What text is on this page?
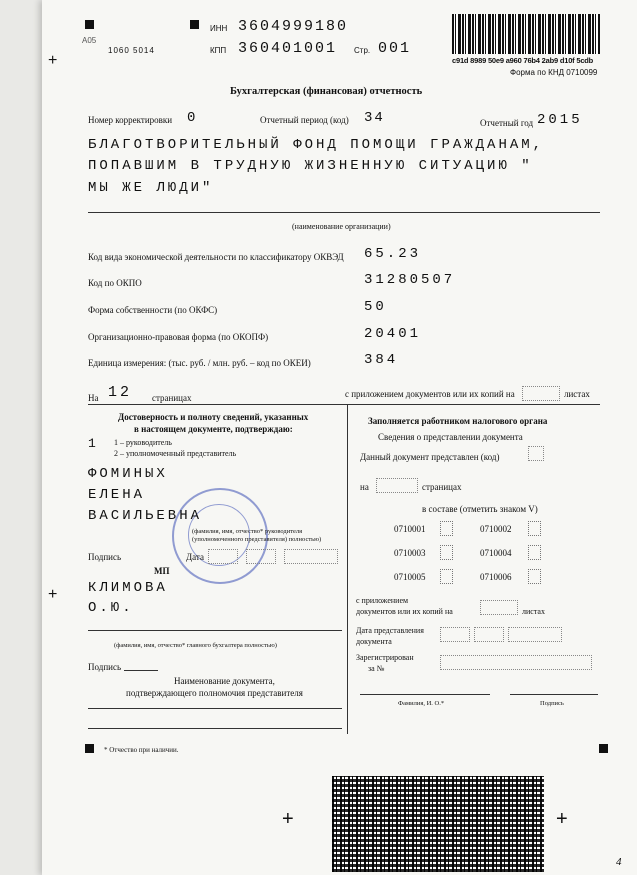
+
+
+	+
А05
1060 5014
ИНН 3604999180
КПП 360401001 Стр. 001
c91d 8989 50e9 a960 76b4 2ab9 d10f 5cdb
Форма по КНД 0710099
Бухгалтерская (финансовая) отчетность
Номер корректировки 0	Отчетный период (код) 34	Отчетный год 2015
БЛАГОТВОРИТЕЛЬНЫЙ ФОНД ПОМОЩИ ГРАЖДАНАМ,
ПОПАВШИМ В ТРУДНУЮ ЖИЗНЕННУЮ СИТУАЦИЮ "
МЫ ЖЕ ЛЮДИ"
(наименование организации)
Код вида экономической деятельности по классификатору ОКВЭД 65.23
Код по ОКПО	31280507
Форма собственности (по ОКФС)	50
Организационно-правовая форма (по ОКОПФ)	20401
Единица измерения: (тыс. руб. / млн. руб. – код по ОКЕИ)	384
На 12 страницах	с приложением документов или их копий на	листах
Достоверность и полноту сведений, указанных
в настоящем документе, подтверждаю:
1 1 – руководитель
2 – уполномоченный представитель
ФОМИНЫХ
ЕЛЕНА
ВАСИЛЬЕВНА
(фамилия, имя, отчество* руководителя
(уполномоченного представителя) полностью)
Подпись	Дата
МП
КЛИМОВА
О.Ю.
(фамилия, имя, отчество* главного бухгалтера полностью)
Подпись
Наименование документа,
подтверждающего полномочия представителя
* Отчество при наличии.
Заполняется работником налогового органа
Сведения о представлении документа
Данный документ представлен (код)
на	страницах
в составе (отметить знаком V)
0710001	0710002
0710003	0710004
0710005	0710006
с приложением
документов или их копий на	листах
Дата представления
документа
Зарегистрирован
за №
Фамилия, И. О.*	Подпись
4
